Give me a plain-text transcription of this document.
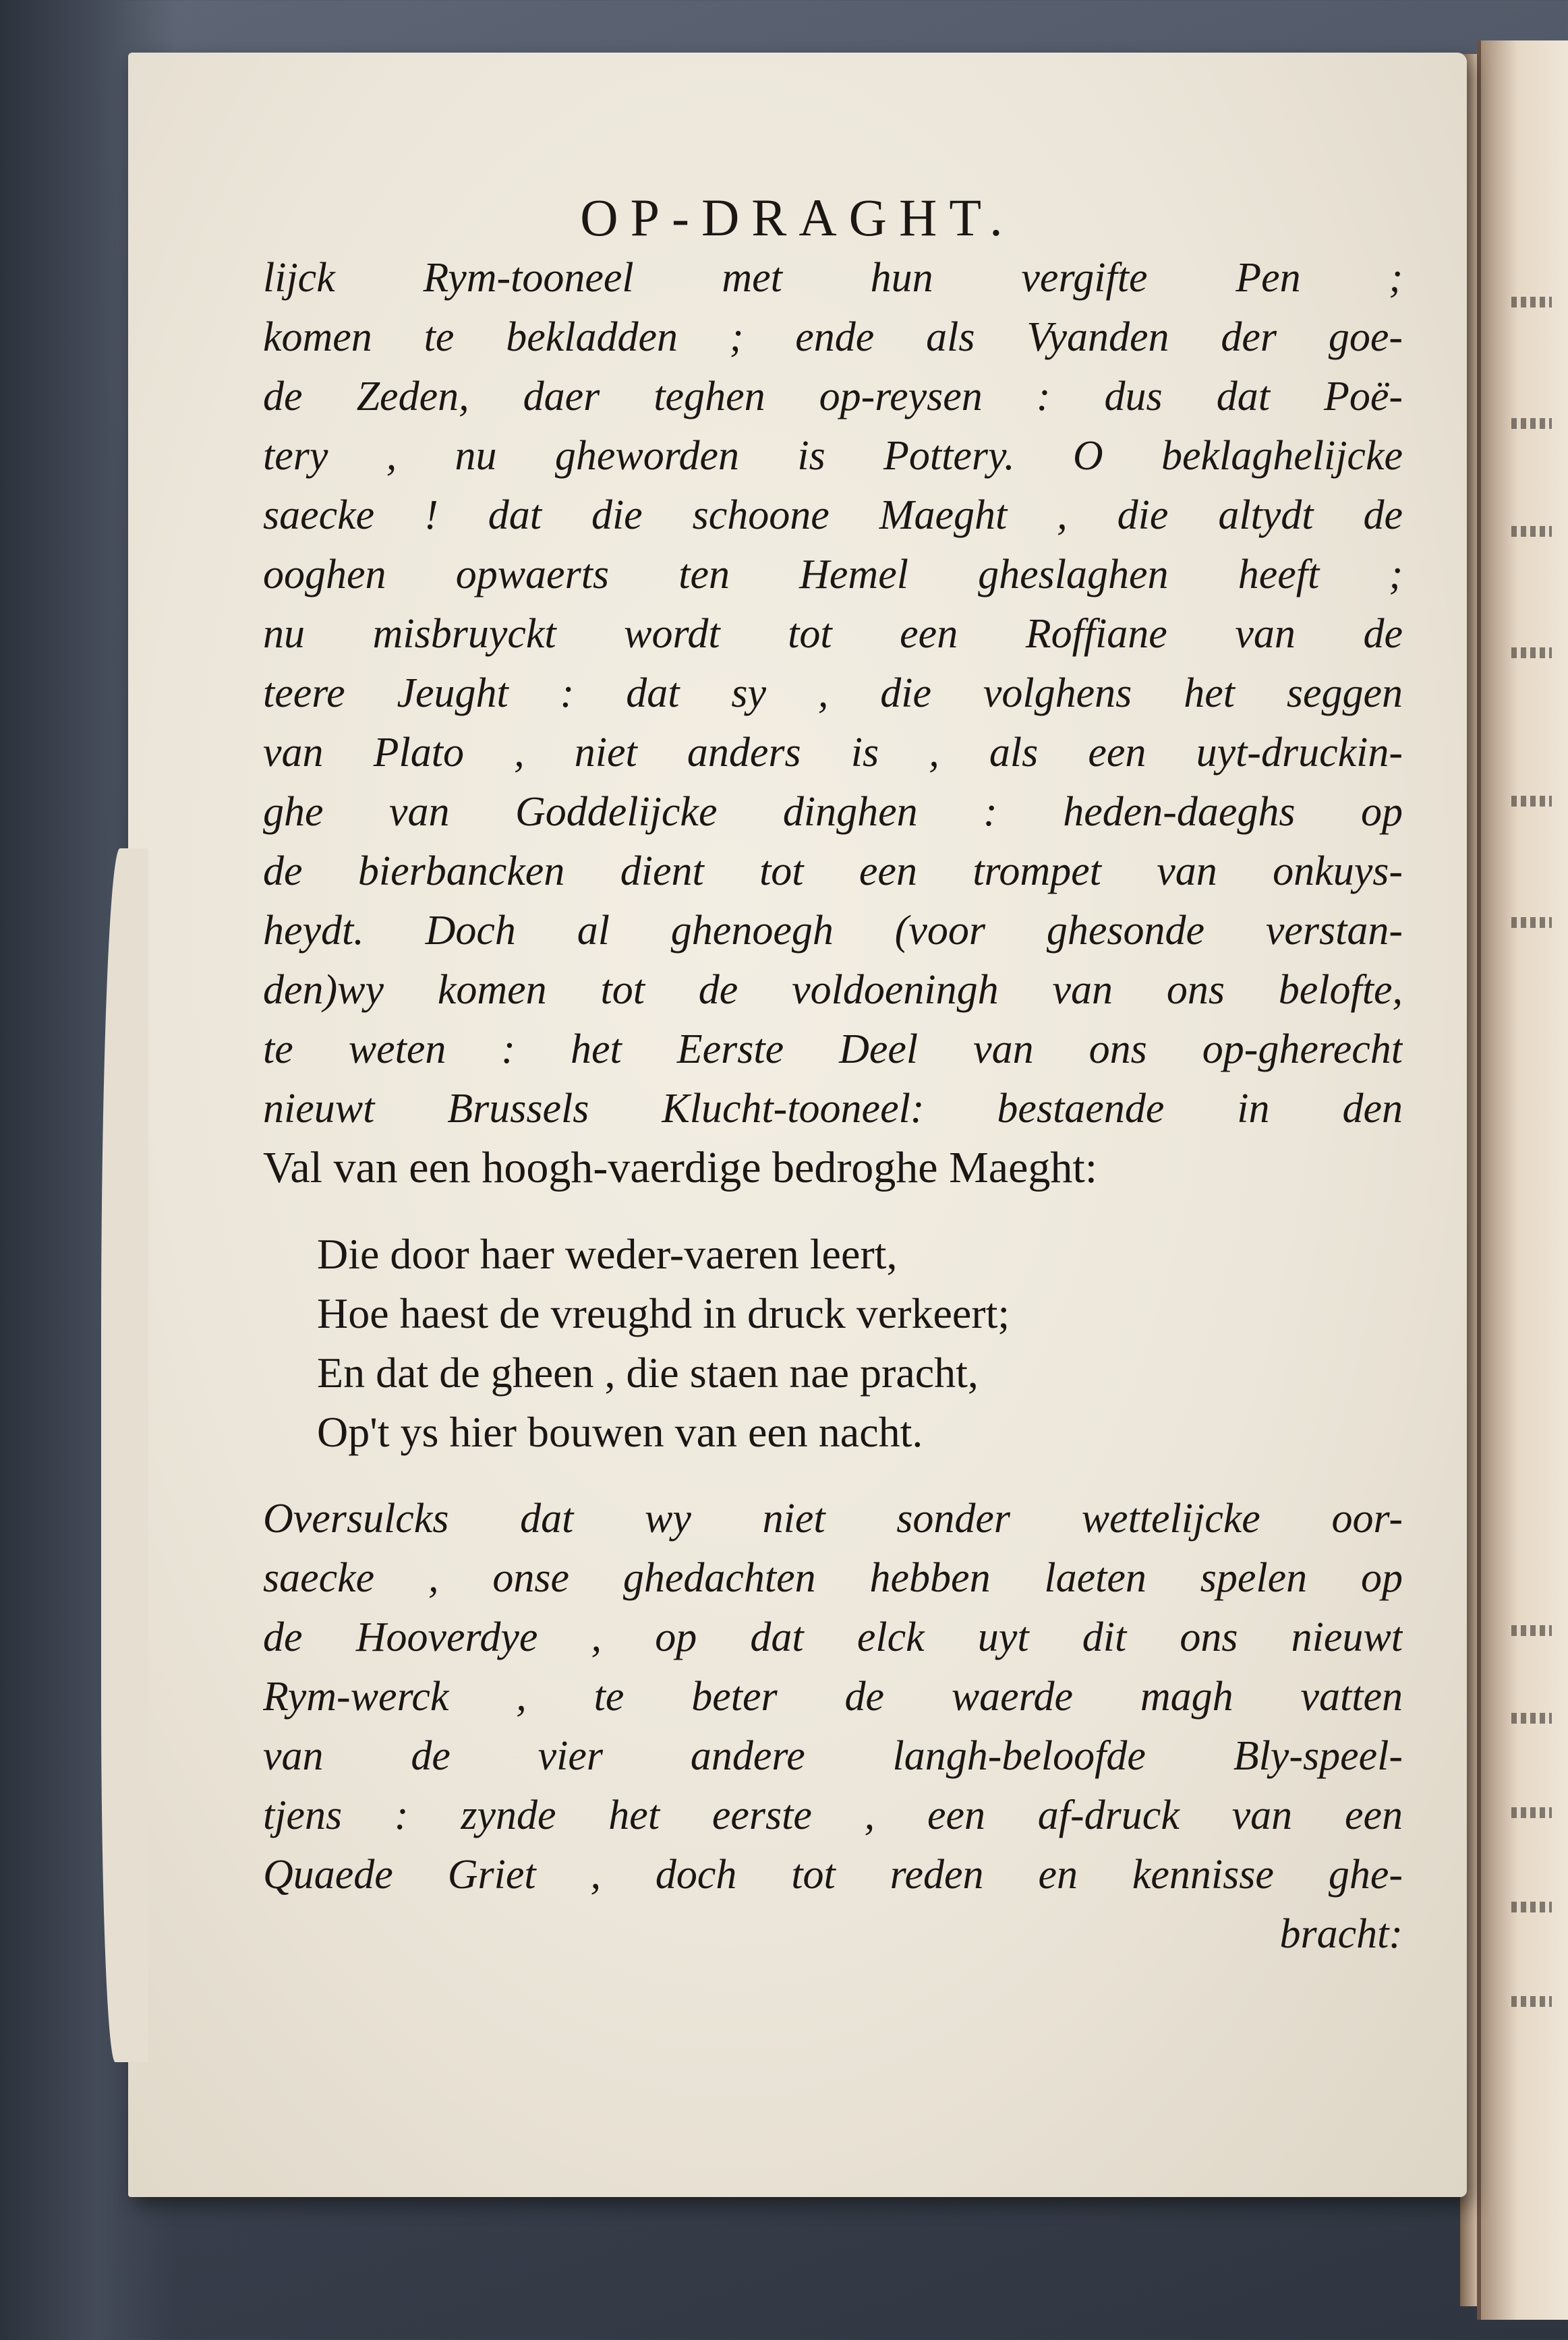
OP-DRAGHT.
lijck Rym-tooneel met hun vergifte Pen ;
komen te bekladden ; ende als Vyanden der goe-
de Zeden, daer teghen op-reysen : dus dat Poë-
tery , nu gheworden is Pottery. O beklaghelijcke
saecke ! dat die schoone Maeght , die altydt de
ooghen opwaerts ten Hemel gheslaghen heeft ;
nu misbruyckt wordt tot een Roffiane van de
teere Jeught : dat sy , die volghens het seggen
van Plato , niet anders is , als een uyt-druckin-
ghe van Goddelijcke dinghen : heden-daeghs op
de bierbancken dient tot een trompet van onkuys-
heydt. Doch al ghenoegh (voor ghesonde verstan-
den)wy komen tot de voldoeningh van ons belofte,
te weten : het Eerste Deel van ons op-gherecht
nieuwt Brussels Klucht-tooneel: bestaende in den
Val van een hoogh-vaerdige bedroghe Maeght:
Die door haer weder-vaeren leert,
Hoe haest de vreughd in druck verkeert;
En dat de gheen , die staen nae pracht,
Op't ys hier bouwen van een nacht.
Oversulcks dat wy niet sonder wettelijcke oor-
saecke , onse ghedachten hebben laeten spelen op
de Hooverdye , op dat elck uyt dit ons nieuwt
Rym-werck , te beter de waerde magh vatten
van de vier andere langh-beloofde Bly-speel-
tjens : zynde het eerste , een af-druck van een
Quaede Griet , doch tot reden en kennisse ghe-
bracht:
